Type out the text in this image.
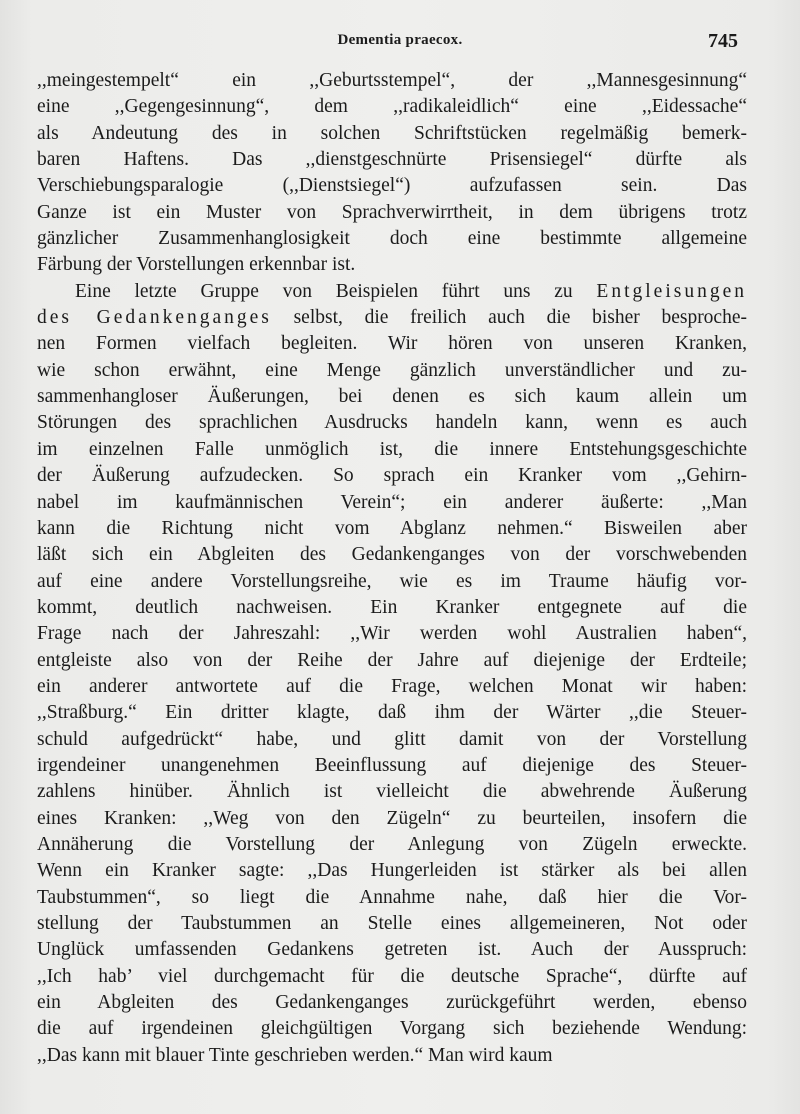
Dementia praecox.	745
,,meingestempelt“ ein ,,Geburtsstempel“, der ,,Mannesgesinnung“
eine ,,Gegengesinnung“, dem ,,radikaleidlich“ eine ,,Eidessache“
als Andeutung des in solchen Schriftstücken regelmäßig bemerk-
baren Haftens. Das ,,dienstgeschnürte Prisensiegel“ dürfte als
Verschiebungsparalogie (,,Dienstsiegel“) aufzufassen sein. Das
Ganze ist ein Muster von Sprachverwirrtheit, in dem übrigens trotz
gänzlicher Zusammenhanglosigkeit doch eine bestimmte allgemeine
Färbung der Vorstellungen erkennbar ist.
Eine letzte Gruppe von Beispielen führt uns zu Entgleisungen
des Gedankenganges selbst, die freilich auch die bisher besproche-
nen Formen vielfach begleiten. Wir hören von unseren Kranken,
wie schon erwähnt, eine Menge gänzlich unverständlicher und zu-
sammenhangloser Äußerungen, bei denen es sich kaum allein um
Störungen des sprachlichen Ausdrucks handeln kann, wenn es auch
im einzelnen Falle unmöglich ist, die innere Entstehungsgeschichte
der Äußerung aufzudecken. So sprach ein Kranker vom ,,Gehirn-
nabel im kaufmännischen Verein“; ein anderer äußerte: ,,Man
kann die Richtung nicht vom Abglanz nehmen.“ Bisweilen aber
läßt sich ein Abgleiten des Gedankenganges von der vorschwebenden
auf eine andere Vorstellungsreihe, wie es im Traume häufig vor-
kommt, deutlich nachweisen. Ein Kranker entgegnete auf die
Frage nach der Jahreszahl: ,,Wir werden wohl Australien haben“,
entgleiste also von der Reihe der Jahre auf diejenige der Erdteile;
ein anderer antwortete auf die Frage, welchen Monat wir haben:
,,Straßburg.“ Ein dritter klagte, daß ihm der Wärter ,,die Steuer-
schuld aufgedrückt“ habe, und glitt damit von der Vorstellung
irgendeiner unangenehmen Beeinflussung auf diejenige des Steuer-
zahlens hinüber. Ähnlich ist vielleicht die abwehrende Äußerung
eines Kranken: ,,Weg von den Zügeln“ zu beurteilen, insofern die
Annäherung die Vorstellung der Anlegung von Zügeln erweckte.
Wenn ein Kranker sagte: ,,Das Hungerleiden ist stärker als bei allen
Taubstummen“, so liegt die Annahme nahe, daß hier die Vor-
stellung der Taubstummen an Stelle eines allgemeineren, Not oder
Unglück umfassenden Gedankens getreten ist. Auch der Ausspruch:
,,Ich hab’ viel durchgemacht für die deutsche Sprache“, dürfte auf
ein Abgleiten des Gedankenganges zurückgeführt werden, ebenso
die auf irgendeinen gleichgültigen Vorgang sich beziehende Wendung:
,,Das kann mit blauer Tinte geschrieben werden.“ Man wird kaum
